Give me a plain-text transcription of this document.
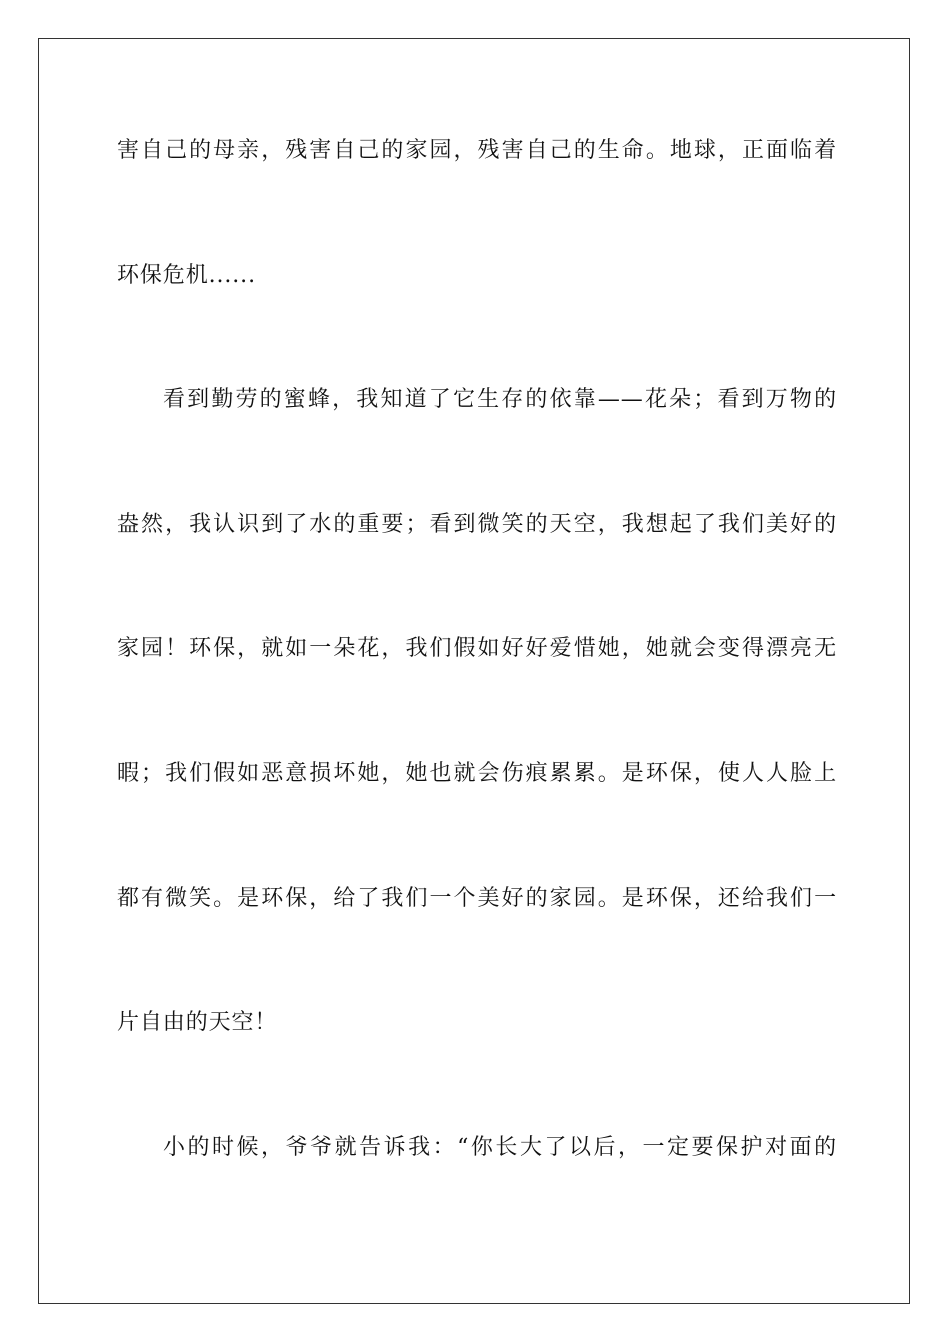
害自己的母亲，残害自己的家园，残害自己的生命。地球，正面临着
环保危机......
看到勤劳的蜜蜂，我知道了它生存的依靠——花朵；看到万物的
盎然，我认识到了水的重要；看到微笑的天空，我想起了我们美好的
家园！环保，就如一朵花，我们假如好好爱惜她，她就会变得漂亮无
暇；我们假如恶意损坏她，她也就会伤痕累累。是环保，使人人脸上
都有微笑。是环保，给了我们一个美好的家园。是环保，还给我们一
片自由的天空！
小的时候，爷爷就告诉我：“你长大了以后，一定要保护对面的
